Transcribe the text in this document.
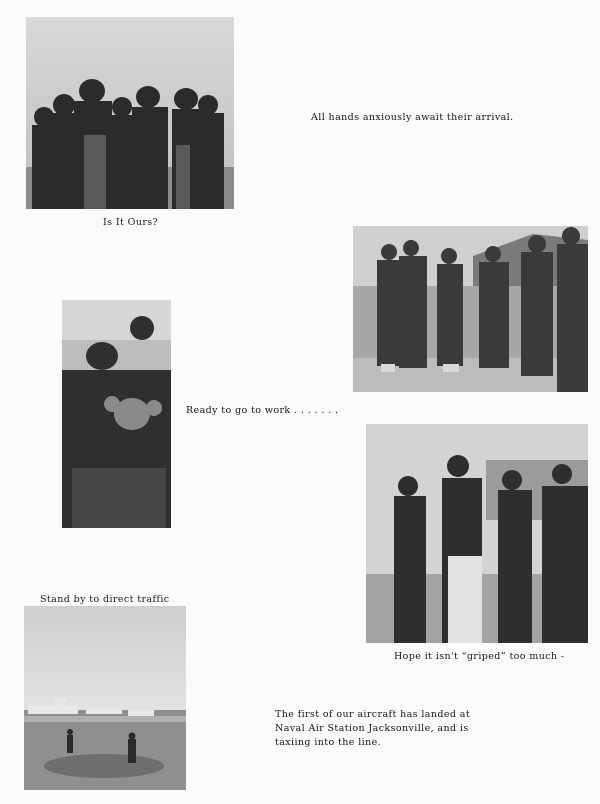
All hands anxiously await their arrival.
Is It Ours?
Ready to go to work . . . . . . .
Stand by to direct traffic
Hope it isn't “griped” too much -
The first of our aircraft has landed at
Naval Air Station Jacksonville, and is
taxiing into the line.
